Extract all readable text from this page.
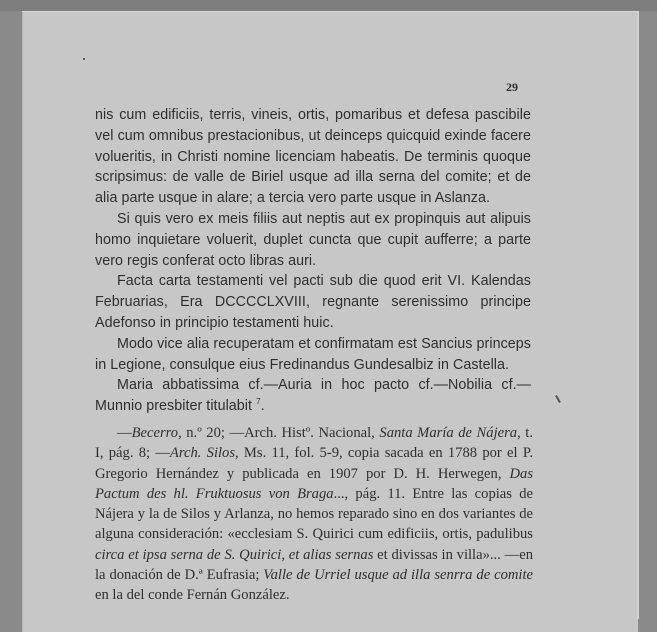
29

nis cum edificiis, terris, vineis, ortis, pomaribus et defesa pascibile vel cum omnibus prestacionibus, ut deinceps quicquid exinde facere volueritis, in Christi nomine licenciam habeatis. De terminis quoque scripsimus: de valle de Biriel usque ad illa serna del comite; et de alia parte usque in alare; a tercia vero parte usque in Aslanza.

Si quis vero ex meis filiis aut neptis aut ex propinquis aut alipuis homo inquietare voluerit, duplet cuncta que cupit aufferre; a parte vero regis conferat octo libras auri.

Facta carta testamenti vel pacti sub die quod erit VI. Kalendas Februarias, Era DCCCCLXVIII, regnante serenissimo principe Adefonso in principio testamenti huic.

Modo vice alia recuperatam et confirmatam est Sancius princeps in Legione, consulque eius Fredinandus Gundesalbiz in Castella.

Maria abbatissima cf.—Auria in hoc pacto cf.—Nobilia cf.—Munnio presbiter titulabit $^7$.

—Becerro, n.º 20; —Arch. Histº. Nacional, Santa María de Nájera, t. I, pág. 8; —Arch. Silos, Ms. 11, fol. 5-9, copia sacada en 1788 por el P. Gregorio Hernández y publicada en 1907 por D. H. Herwegen, Das Pactum des hl. Fruktuosus von Braga..., pág. 11. Entre las copias de Nájera y la de Silos y Arlanza, no hemos reparado sino en dos variantes de alguna consideración: «ecclesiam S. Quirici cum edificiis, ortis, padulibus circa et ipsa serna de S. Quirici, et alias sernas et divissas in villa»... —en la donación de D.ª Eufrasia; Valle de Urriel usque ad illa senrra de comite en la del conde Fernán González.
